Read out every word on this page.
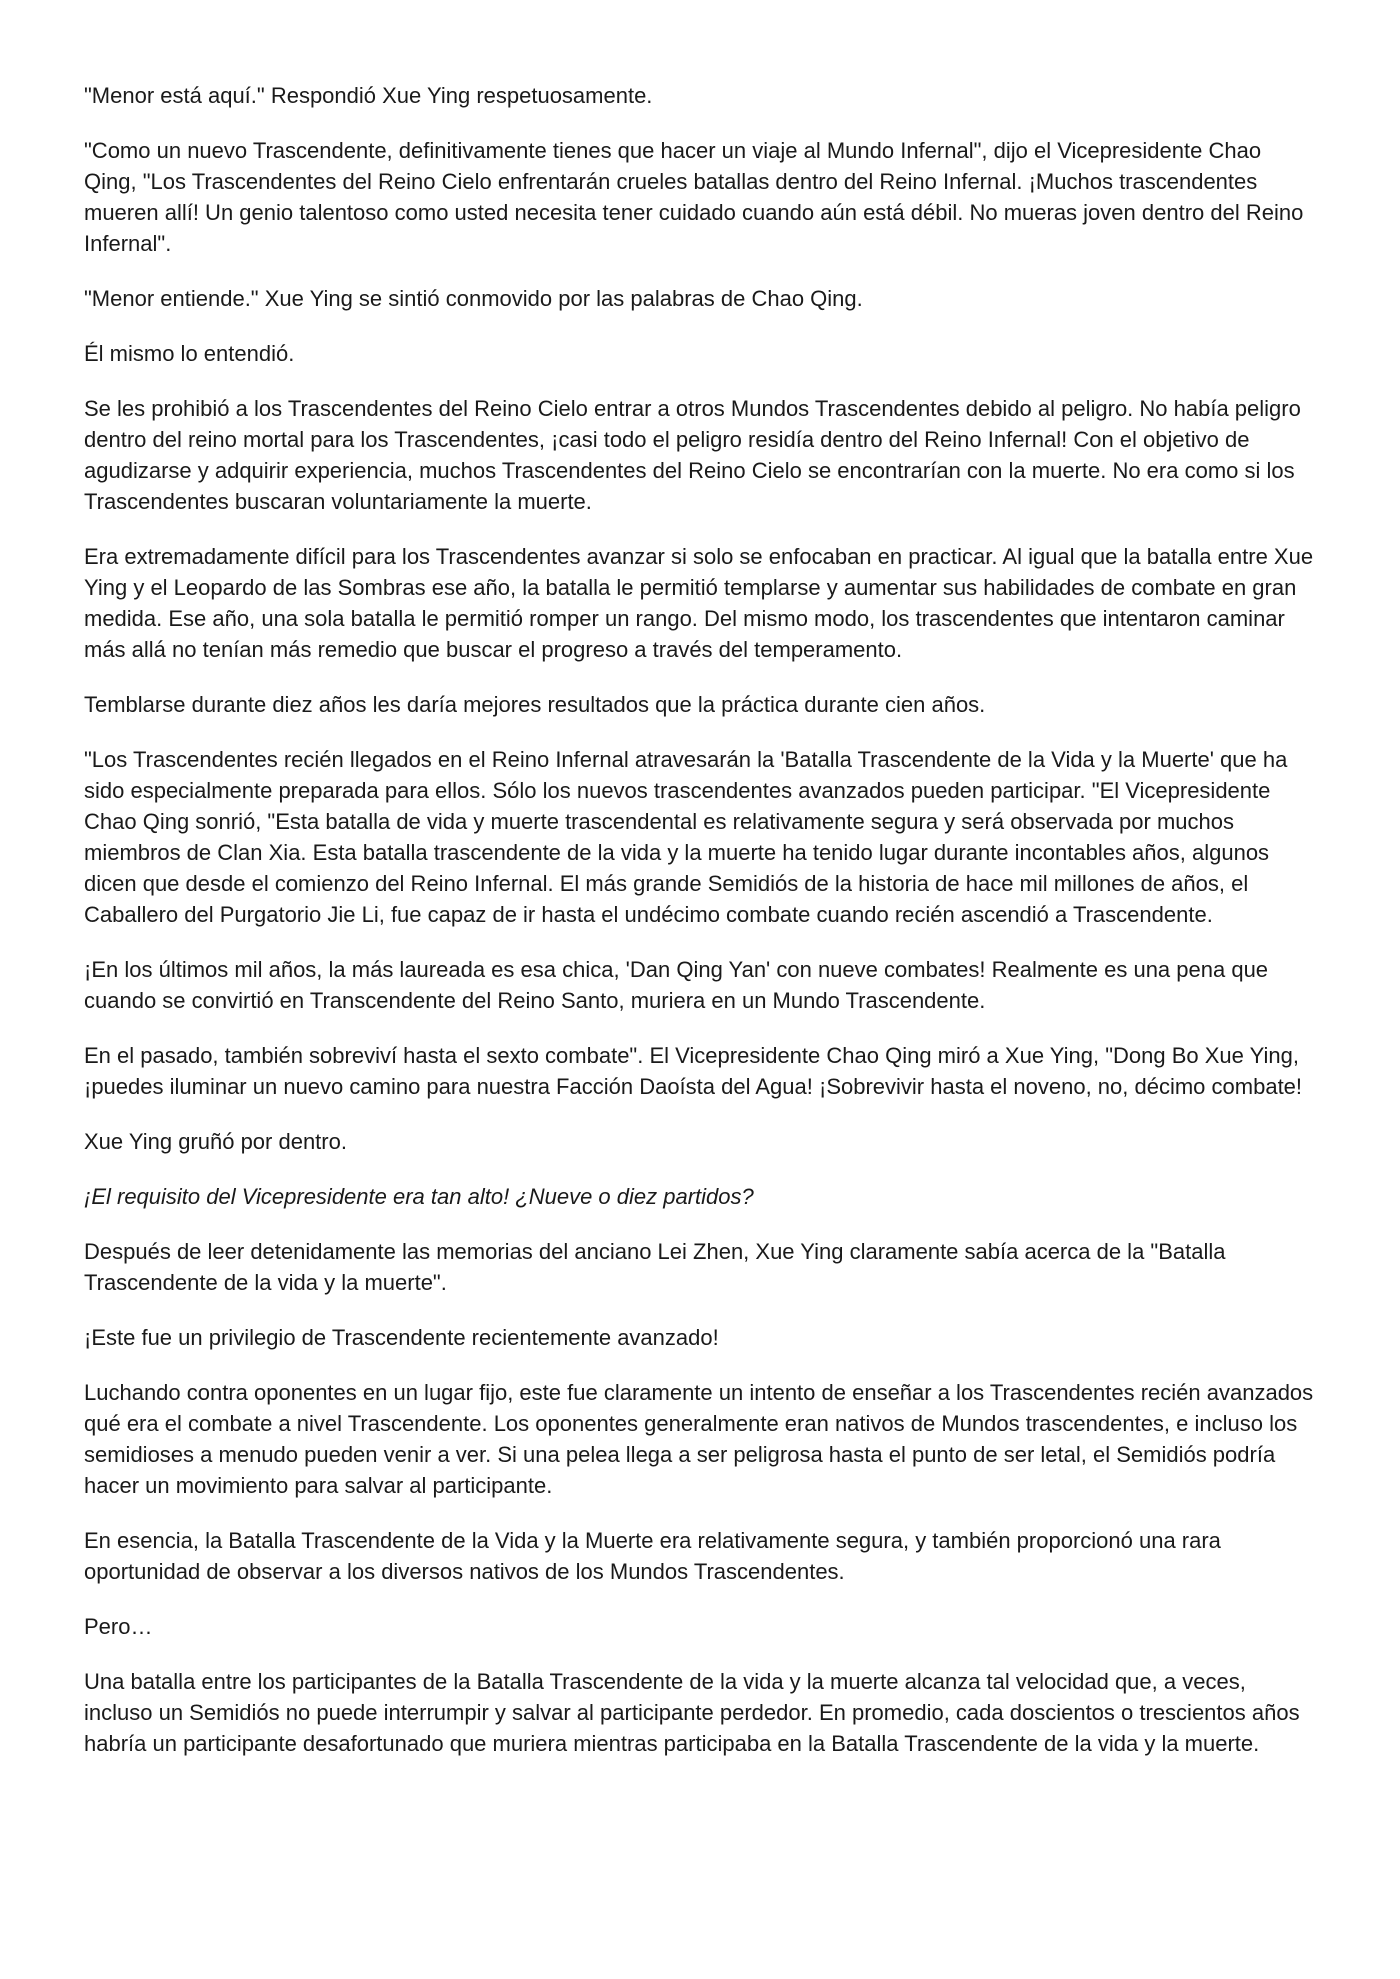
"Menor está aquí." Respondió Xue Ying respetuosamente.

"Como un nuevo Trascendente, definitivamente tienes que hacer un viaje al Mundo Infernal", dijo el Vicepresidente Chao Qing, "Los Trascendentes del Reino Cielo enfrentarán crueles batallas dentro del Reino Infernal. ¡Muchos trascendentes mueren allí! Un genio talentoso como usted necesita tener cuidado cuando aún está débil. No mueras joven dentro del Reino Infernal".

"Menor entiende." Xue Ying se sintió conmovido por las palabras de Chao Qing.

Él mismo lo entendió.

Se les prohibió a los Trascendentes del Reino Cielo entrar a otros Mundos Trascendentes debido al peligro. No había peligro dentro del reino mortal para los Trascendentes, ¡casi todo el peligro residía dentro del Reino Infernal! Con el objetivo de agudizarse y adquirir experiencia, muchos Trascendentes del Reino Cielo se encontrarían con la muerte. No era como si los Trascendentes buscaran voluntariamente la muerte.

Era extremadamente difícil para los Trascendentes avanzar si solo se enfocaban en practicar. Al igual que la batalla entre Xue Ying y el Leopardo de las Sombras ese año, la batalla le permitió templarse y aumentar sus habilidades de combate en gran medida. Ese año, una sola batalla le permitió romper un rango. Del mismo modo, los trascendentes que intentaron caminar más allá no tenían más remedio que buscar el progreso a través del temperamento.

Temblarse durante diez años les daría mejores resultados que la práctica durante cien años.

"Los Trascendentes recién llegados en el Reino Infernal atravesarán la 'Batalla Trascendente de la Vida y la Muerte' que ha sido especialmente preparada para ellos. Sólo los nuevos trascendentes avanzados pueden participar. "El Vicepresidente Chao Qing sonrió, "Esta batalla de vida y muerte trascendental es relativamente segura y será observada por muchos miembros de Clan Xia. Esta batalla trascendente de la vida y la muerte ha tenido lugar durante incontables años, algunos dicen que desde el comienzo del Reino Infernal. El más grande Semidiós de la historia de hace mil millones de años, el Caballero del Purgatorio Jie Li, fue capaz de ir hasta el undécimo combate cuando recién ascendió a Trascendente.

¡En los últimos mil años, la más laureada es esa chica, 'Dan Qing Yan' con nueve combates! Realmente es una pena que cuando se convirtió en Transcendente del Reino Santo, muriera en un Mundo Trascendente.

En el pasado, también sobreviví hasta el sexto combate". El Vicepresidente Chao Qing miró a Xue Ying, "Dong Bo Xue Ying, ¡puedes iluminar un nuevo camino para nuestra Facción Daoísta del Agua! ¡Sobrevivir hasta el noveno, no, décimo combate!

Xue Ying gruñó por dentro.

¡El requisito del Vicepresidente era tan alto! ¿Nueve o diez partidos?

Después de leer detenidamente las memorias del anciano Lei Zhen, Xue Ying claramente sabía acerca de la "Batalla Trascendente de la vida y la muerte".

¡Este fue un privilegio de Trascendente recientemente avanzado!

Luchando contra oponentes en un lugar fijo, este fue claramente un intento de enseñar a los Trascendentes recién avanzados qué era el combate a nivel Trascendente. Los oponentes generalmente eran nativos de Mundos trascendentes, e incluso los semidioses a menudo pueden venir a ver. Si una pelea llega a ser peligrosa hasta el punto de ser letal, el Semidiós podría hacer un movimiento para salvar al participante.

En esencia, la Batalla Trascendente de la Vida y la Muerte era relativamente segura, y también proporcionó una rara oportunidad de observar a los diversos nativos de los Mundos Trascendentes.

Pero…

Una batalla entre los participantes de la Batalla Trascendente de la vida y la muerte alcanza tal velocidad que, a veces, incluso un Semidiós no puede interrumpir y salvar al participante perdedor. En promedio, cada doscientos o trescientos años habría un participante desafortunado que muriera mientras participaba en la Batalla Trascendente de la vida y la muerte.
